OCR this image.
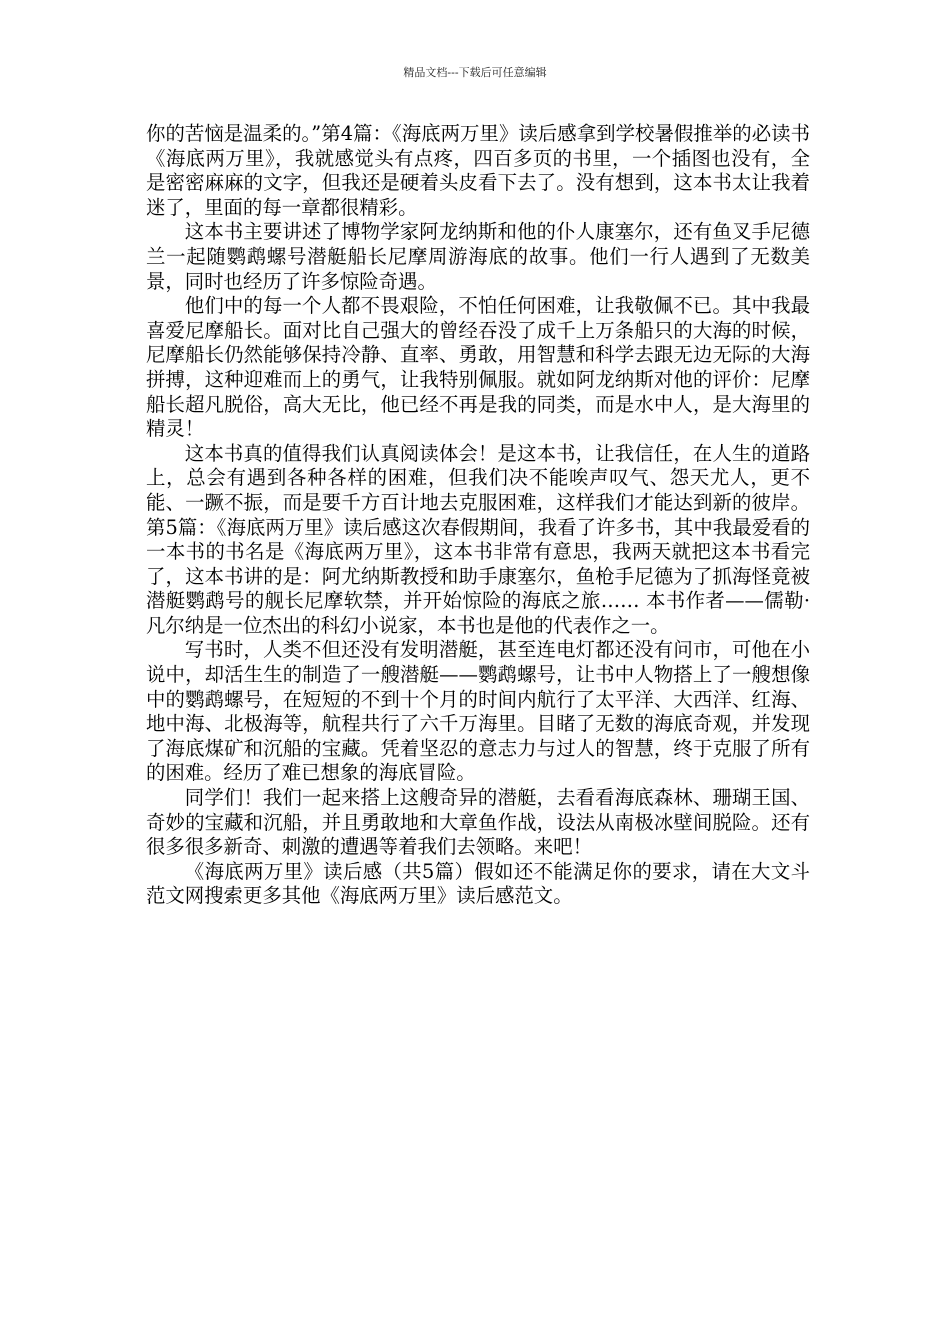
精品文档---下载后可任意编辑

你的苦恼是温柔的。”第4篇：《海底两万里》读后感拿到学校暑假推举的必读书《海底两万里》，我就感觉头有点疼，四百多页的书里，一个插图也没有，全是密密麻麻的文字，但我还是硬着头皮看下去了。没有想到，这本书太让我着迷了，里面的每一章都很精彩。

这本书主要讲述了博物学家阿龙纳斯和他的仆人康塞尔，还有鱼叉手尼德兰一起随鹦鹉螺号潜艇船长尼摩周游海底的故事。他们一行人遇到了无数美景，同时也经历了许多惊险奇遇。

他们中的每一个人都不畏艰险，不怕任何困难，让我敬佩不已。其中我最喜爱尼摩船长。面对比自己强大的曾经吞没了成千上万条船只的大海的时候，尼摩船长仍然能够保持冷静、直率、勇敢，用智慧和科学去跟无边无际的大海拼搏，这种迎难而上的勇气，让我特别佩服。就如阿龙纳斯对他的评价：尼摩船长超凡脱俗，高大无比，他已经不再是我的同类，而是水中人，是大海里的精灵！

这本书真的值得我们认真阅读体会！是这本书，让我信任，在人生的道路上，总会有遇到各种各样的困难，但我们决不能唉声叹气、怨天尤人，更不能、一蹶不振，而是要千方百计地去克服困难，这样我们才能达到新的彼岸。第5篇：《海底两万里》读后感这次春假期间，我看了许多书，其中我最爱看的一本书的书名是《海底两万里》，这本书非常有意思，我两天就把这本书看完了，这本书讲的是：阿尤纳斯教授和助手康塞尔，鱼枪手尼德为了抓海怪竟被潜艇鹦鹉号的舰长尼摩软禁，并开始惊险的海底之旅…… 本书作者——儒勒·凡尔纳是一位杰出的科幻小说家，本书也是他的代表作之一。

写书时，人类不但还没有发明潜艇，甚至连电灯都还没有问市，可他在小说中，却活生生的制造了一艘潜艇——鹦鹉螺号，让书中人物搭上了一艘想像中的鹦鹉螺号，在短短的不到十个月的时间内航行了太平洋、大西洋、红海、地中海、北极海等，航程共行了六千万海里。目睹了无数的海底奇观，并发现了海底煤矿和沉船的宝藏。凭着坚忍的意志力与过人的智慧，终于克服了所有的困难。经历了难已想象的海底冒险。

同学们！我们一起来搭上这艘奇异的潜艇，去看看海底森林、珊瑚王国、奇妙的宝藏和沉船，并且勇敢地和大章鱼作战，设法从南极冰壁间脱险。还有很多很多新奇、刺激的遭遇等着我们去领略。来吧！

《海底两万里》读后感（共5篇）假如还不能满足你的要求，请在大文斗范文网搜索更多其他《海底两万里》读后感范文。
